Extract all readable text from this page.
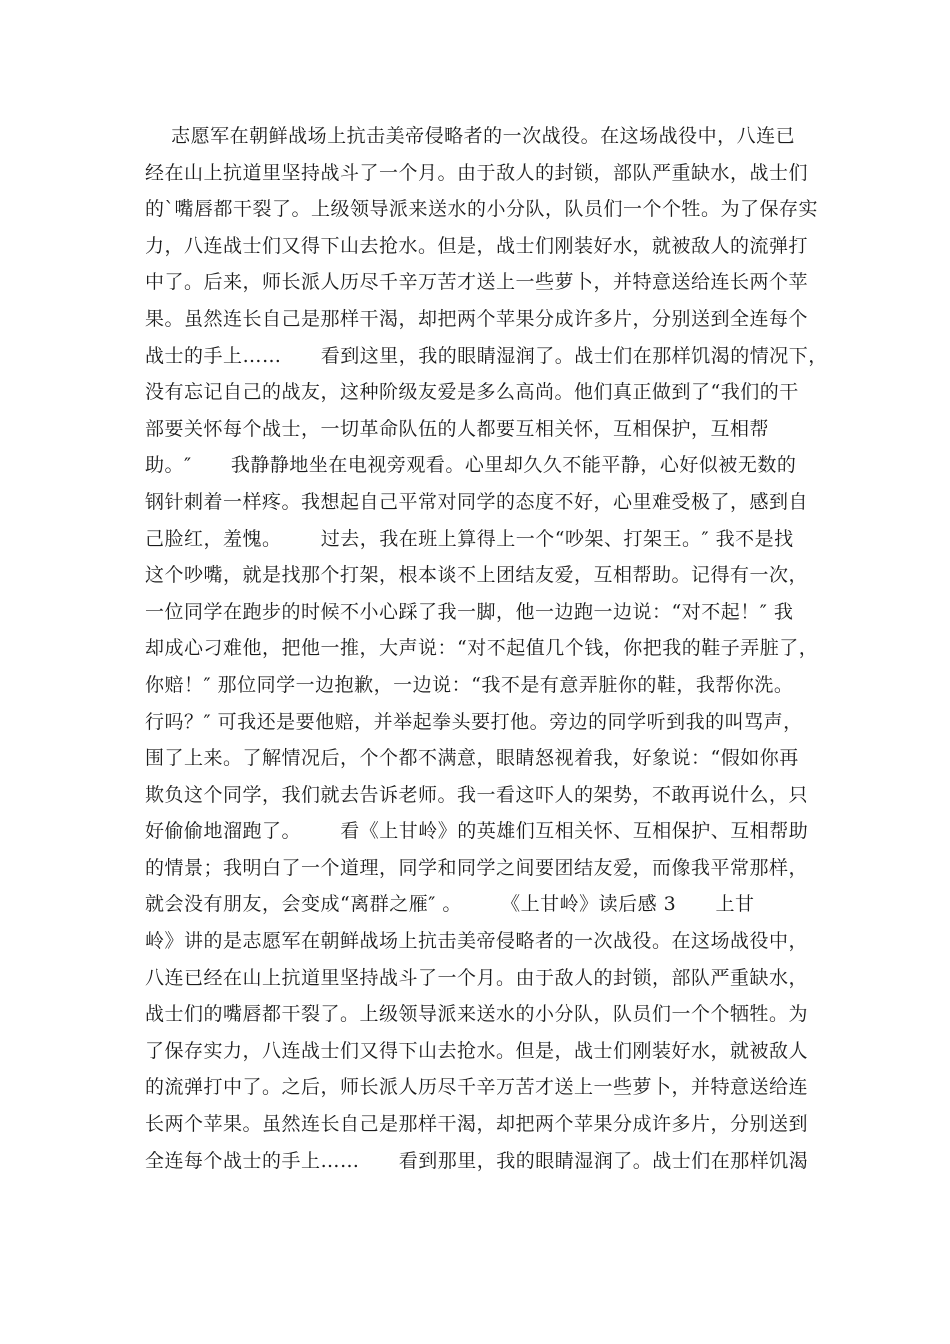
志愿军在朝鲜战场上抗击美帝侵略者的一次战役。在这场战役中，八连已
经在山上抗道里坚持战斗了一个月。由于敌人的封锁，部队严重缺水，战士们
的`嘴唇都干裂了。上级领导派来送水的小分队，队员们一个个牲。为了保存实
力，八连战士们又得下山去抢水。但是，战士们刚装好水，就被敌人的流弹打
中了。后来，师长派人历尽千辛万苦才送上一些萝卜，并特意送给连长两个苹
果。虽然连长自己是那样干渴，却把两个苹果分成许多片，分别送到全连每个
战士的手上……      看到这里，我的眼睛湿润了。战士们在那样饥渴的情况下，
没有忘记自己的战友，这种阶级友爱是多么高尚。他们真正做到了“我们的干
部要关怀每个战士，一切革命队伍的人都要互相关怀，互相保护，互相帮
助。″      我静静地坐在电视旁观看。心里却久久不能平静，心好似被无数的
钢针刺着一样疼。我想起自己平常对同学的态度不好，心里难受极了，感到自
己脸红，羞愧。      过去，我在班上算得上一个“吵架、打架王。″ 我不是找
这个吵嘴，就是找那个打架，根本谈不上团结友爱，互相帮助。记得有一次，
一位同学在跑步的时候不小心踩了我一脚，他一边跑一边说：“对不起！″ 我
却成心刁难他，把他一推，大声说：“对不起值几个钱，你把我的鞋子弄脏了，
你赔！″ 那位同学一边抱歉，一边说：“我不是有意弄脏你的鞋，我帮你洗。
行吗？″ 可我还是要他赔，并举起拳头要打他。旁边的同学听到我的叫骂声，
围了上来。了解情况后，个个都不满意，眼睛怒视着我，好象说：“假如你再
欺负这个同学，我们就去告诉老师。我一看这吓人的架势，不敢再说什么，只
好偷偷地溜跑了。      看《上甘岭》的英雄们互相关怀、互相保护、互相帮助
的情景；我明白了一个道理，同学和同学之间要团结友爱，而像我平常那样，
就会没有朋友，会变成“离群之雁″ 。      《上甘岭》读后感 3      上甘
岭》讲的是志愿军在朝鲜战场上抗击美帝侵略者的一次战役。在这场战役中，
八连已经在山上抗道里坚持战斗了一个月。由于敌人的封锁，部队严重缺水，
战士们的嘴唇都干裂了。上级领导派来送水的小分队，队员们一个个牺牲。为
了保存实力，八连战士们又得下山去抢水。但是，战士们刚装好水，就被敌人
的流弹打中了。之后，师长派人历尽千辛万苦才送上一些萝卜，并特意送给连
长两个苹果。虽然连长自己是那样干渴，却把两个苹果分成许多片，分别送到
全连每个战士的手上……      看到那里，我的眼睛湿润了。战士们在那样饥渴
